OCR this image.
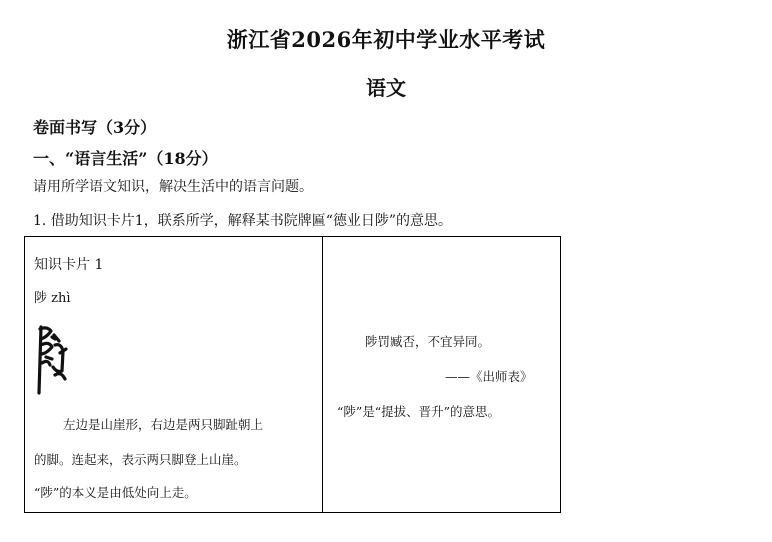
浙江省2026年初中学业水平考试
语文
卷面书写（3分）
一、“语言生活”（18分）
请用所学语文知识，解决生活中的语言问题。
1. 借助知识卡片1，联系所学，解释某书院牌匾“德业日陟”的意思。
知识卡片 1
陟 zhì
左边是山崖形，右边是两只脚趾朝上
的脚。连起来，表示两只脚登上山崖。
“陟”的本义是由低处向上走。
陟罚臧否，不宜异同。
——《出师表》
“陟”是“提拔、晋升”的意思。
